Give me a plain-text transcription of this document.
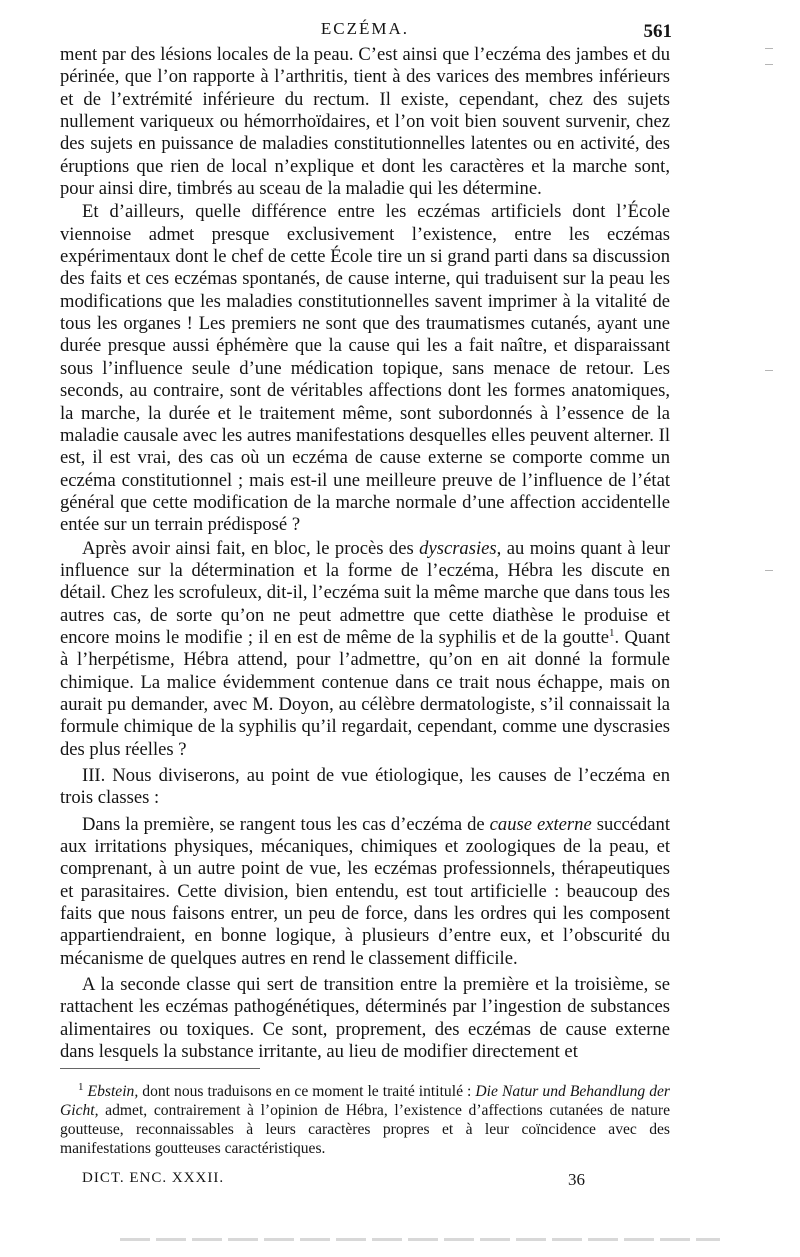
ECZÉMA.	561

ment par des lésions locales de la peau. C’est ainsi que l’eczéma des jambes et du périnée, que l’on rapporte à l’arthritis, tient à des varices des membres inférieurs et de l’extrémité inférieure du rectum. Il existe, cependant, chez des sujets nullement variqueux ou hémorrhoïdaires, et l’on voit bien souvent survenir, chez des sujets en puissance de maladies constitutionnelles latentes ou en activité, des éruptions que rien de local n’explique et dont les caractères et la marche sont, pour ainsi dire, timbrés au sceau de la maladie qui les détermine.

Et d’ailleurs, quelle différence entre les eczémas artificiels dont l’École viennoise admet presque exclusivement l’existence, entre les eczémas expérimentaux dont le chef de cette École tire un si grand parti dans sa discussion des faits et ces eczémas spontanés, de cause interne, qui traduisent sur la peau les modifications que les maladies constitutionnelles savent imprimer à la vitalité de tous les organes ! Les premiers ne sont que des traumatismes cutanés, ayant une durée presque aussi éphémère que la cause qui les a fait naître, et disparaissant sous l’influence seule d’une médication topique, sans menace de retour. Les seconds, au contraire, sont de véritables affections dont les formes anatomiques, la marche, la durée et le traitement même, sont subordonnés à l’essence de la maladie causale avec les autres manifestations desquelles elles peuvent alterner. Il est, il est vrai, des cas où un eczéma de cause externe se comporte comme un eczéma constitutionnel ; mais est-il une meilleure preuve de l’influence de l’état général que cette modification de la marche normale d’une affection accidentelle entée sur un terrain prédisposé ?

Après avoir ainsi fait, en bloc, le procès des dyscrasies, au moins quant à leur influence sur la détermination et la forme de l’eczéma, Hébra les discute en détail. Chez les scrofuleux, dit-il, l’eczéma suit la même marche que dans tous les autres cas, de sorte qu’on ne peut admettre que cette diathèse le produise et encore moins le modifie ; il en est de même de la syphilis et de la goutte$^1$. Quant à l’herpétisme, Hébra attend, pour l’admettre, qu’on en ait donné la formule chimique. La malice évidemment contenue dans ce trait nous échappe, mais on aurait pu demander, avec M. Doyon, au célèbre dermatologiste, s’il connaissait la formule chimique de la syphilis qu’il regardait, cependant, comme une dyscrasies des plus réelles ?

III. Nous diviserons, au point de vue étiologique, les causes de l’eczéma en trois classes :

Dans la première, se rangent tous les cas d’eczéma de cause externe succédant aux irritations physiques, mécaniques, chimiques et zoologiques de la peau, et comprenant, à un autre point de vue, les eczémas professionnels, thérapeutiques et parasitaires. Cette division, bien entendu, est tout artificielle : beaucoup des faits que nous faisons entrer, un peu de force, dans les ordres qui les composent appartiendraient, en bonne logique, à plusieurs d’entre eux, et l’obscurité du mécanisme de quelques autres en rend le classement difficile.

A la seconde classe qui sert de transition entre la première et la troisième, se rattachent les eczémas pathogénétiques, déterminés par l’ingestion de substances alimentaires ou toxiques. Ce sont, proprement, des eczémas de cause externe dans lesquels la substance irritante, au lieu de modifier directement et

$^1$ Ebstein, dont nous traduisons en ce moment le traité intitulé : Die Natur und Behandlung der Gicht, admet, contrairement à l’opinion de Hébra, l’existence d’affections cutanées de nature goutteuse, reconnaissables à leurs caractères propres et à leur coïncidence avec des manifestations goutteuses caractéristiques.
DICT. ENC. XXXII.	36
